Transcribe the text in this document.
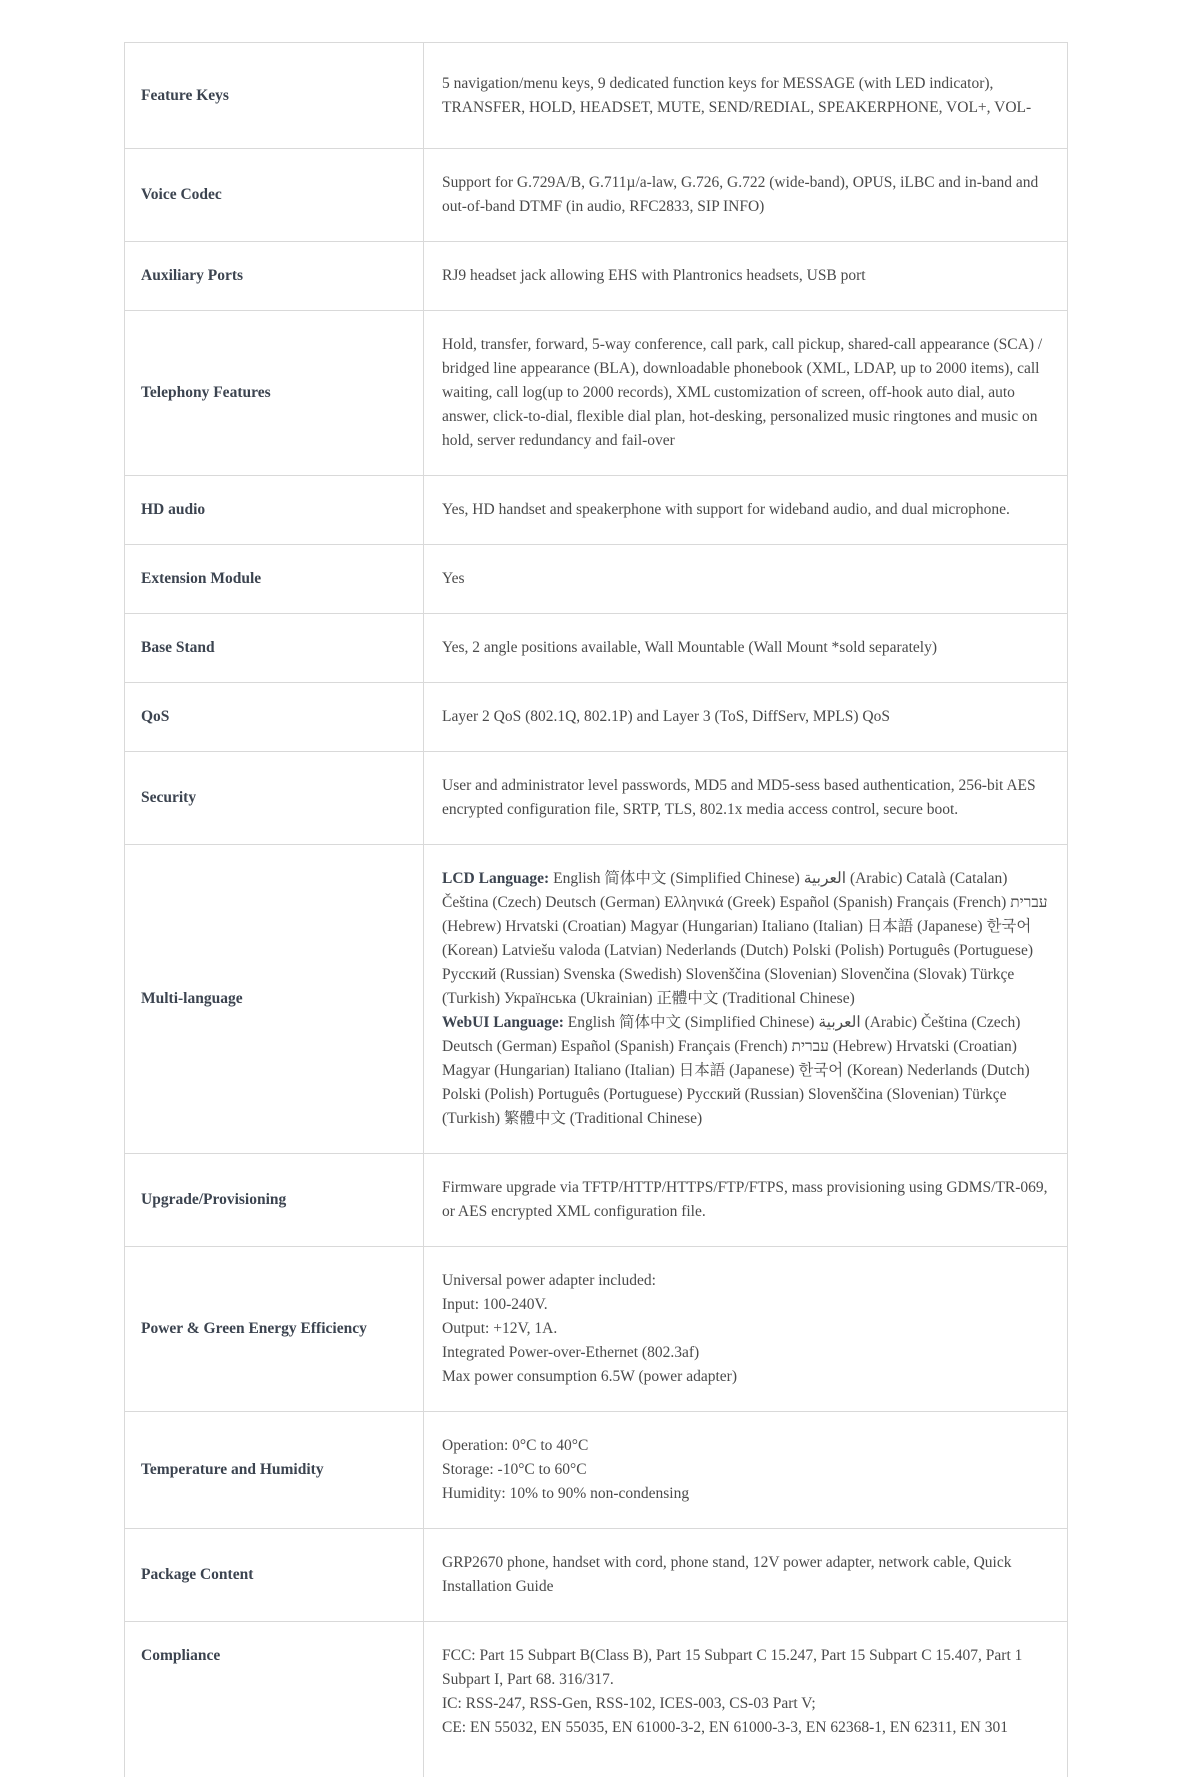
Feature Keys	5 navigation/menu keys, 9 dedicated function keys for MESSAGE (with LED indicator), TRANSFER, HOLD, HEADSET, MUTE, SEND/REDIAL, SPEAKERPHONE, VOL+, VOL-

Voice Codec	Support for G.729A/B, G.711µ/a-law, G.726, G.722 (wide-band), OPUS, iLBC and in-band and out-of-band DTMF (in audio, RFC2833, SIP INFO)

Auxiliary Ports	RJ9 headset jack allowing EHS with Plantronics headsets, USB port

Telephony Features	Hold, transfer, forward, 5-way conference, call park, call pickup, shared-call appearance (SCA) / bridged line appearance (BLA), downloadable phonebook (XML, LDAP, up to 2000 items), call waiting, call log(up to 2000 records), XML customization of screen, off-hook auto dial, auto answer, click-to-dial, flexible dial plan, hot-desking, personalized music ringtones and music on hold, server redundancy and fail-over

HD audio	Yes, HD handset and speakerphone with support for wideband audio, and dual microphone.

Extension Module	Yes

Base Stand	Yes, 2 angle positions available, Wall Mountable (Wall Mount *sold separately)

QoS	Layer 2 QoS (802.1Q, 802.1P) and Layer 3 (ToS, DiffServ, MPLS) QoS

Security	User and administrator level passwords, MD5 and MD5-sess based authentication, 256-bit AES encrypted configuration file, SRTP, TLS, 802.1x media access control, secure boot.

Multi-language	LCD Language: English 简体中文 (Simplified Chinese) العربية (Arabic) Català (Catalan) Čeština (Czech) Deutsch (German) Ελληνικά (Greek) Español (Spanish) Français (French) עברית (Hebrew) Hrvatski (Croatian) Magyar (Hungarian) Italiano (Italian) 日本語 (Japanese) 한국어 (Korean) Latviešu valoda (Latvian) Nederlands (Dutch) Polski (Polish) Português (Portuguese) Русский (Russian) Svenska (Swedish) Slovenščina (Slovenian) Slovenčina (Slovak) Türkçe (Turkish) Українська (Ukrainian) 正體中文 (Traditional Chinese)
WebUI Language: English 简体中文 (Simplified Chinese) العربية (Arabic) Čeština (Czech) Deutsch (German) Español (Spanish) Français (French) עברית (Hebrew) Hrvatski (Croatian) Magyar (Hungarian) Italiano (Italian) 日本語 (Japanese) 한국어 (Korean) Nederlands (Dutch) Polski (Polish) Português (Portuguese) Русский (Russian) Slovenščina (Slovenian) Türkçe (Turkish) 繁體中文 (Traditional Chinese)

Upgrade/Provisioning	Firmware upgrade via TFTP/HTTP/HTTPS/FTP/FTPS, mass provisioning using GDMS/TR-069, or AES encrypted XML configuration file.

Power & Green Energy Efficiency	Universal power adapter included:
Input: 100-240V.
Output: +12V, 1A.
Integrated Power-over-Ethernet (802.3af)
Max power consumption 6.5W (power adapter)

Temperature and Humidity	Operation: 0°C to 40°C
Storage: -10°C to 60°C
Humidity: 10% to 90% non-condensing

Package Content	GRP2670 phone, handset with cord, phone stand, 12V power adapter, network cable, Quick Installation Guide

Compliance	FCC: Part 15 Subpart B(Class B), Part 15 Subpart C 15.247, Part 15 Subpart C 15.407, Part 1 Subpart I, Part 68. 316/317.
IC: RSS-247, RSS-Gen, RSS-102, ICES-003, CS-03 Part V;
CE: EN 55032, EN 55035, EN 61000-3-2, EN 61000-3-3, EN 62368-1, EN 62311, EN 301
